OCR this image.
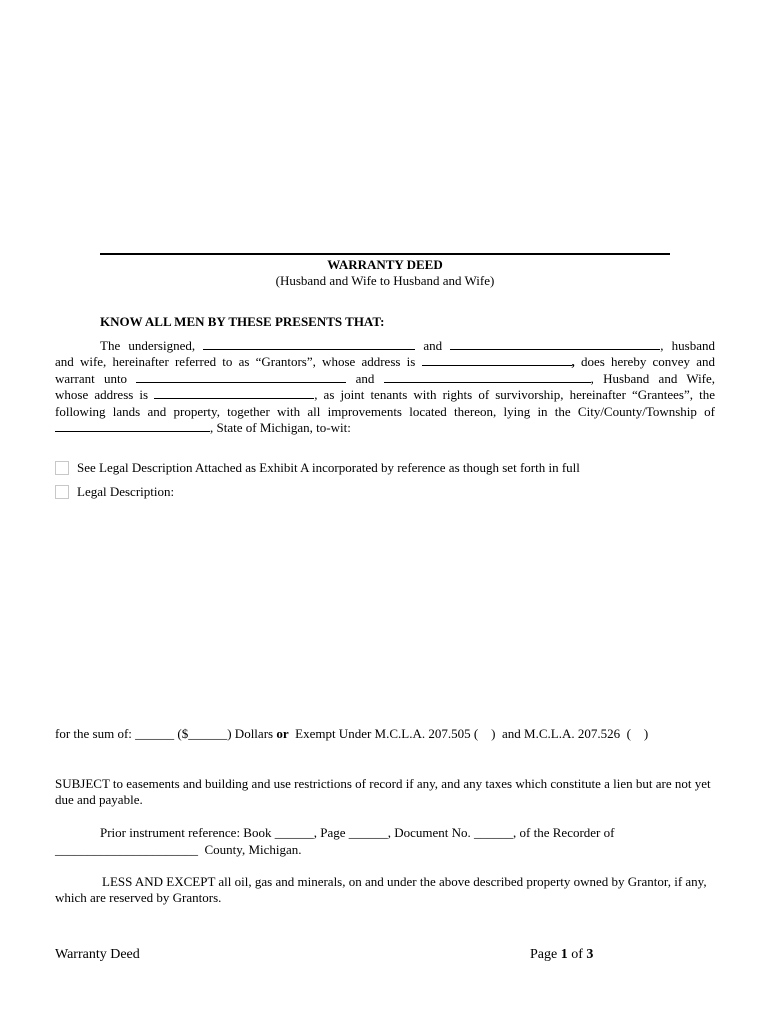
WARRANTY DEED
(Husband and Wife to Husband and Wife)
KNOW ALL MEN BY THESE PRESENTS THAT:
The undersigned,	and	, husband
and wife, hereinafter referred to as “Grantors”, whose address is	, does hereby convey and
warrant unto	and	, Husband and Wife,
whose address is	, as joint tenants with rights of survivorship, hereinafter “Grantees”, the
following lands and property, together with all improvements located thereon, lying in the City/County/Township of
, State of Michigan, to-wit:
See Legal Description Attached as Exhibit A incorporated by reference as though set forth in full
Legal Description:
for the sum of: ______ ($______) Dollars or Exempt Under M.C.L.A. 207.505 (    )  and M.C.L.A. 207.526  (    )
SUBJECT to easements and building and use restrictions of record if any, and any taxes which constitute a lien but are not yet due and payable.
Prior instrument reference: Book ______, Page ______, Document No. ______, of the Recorder of
______________________  County, Michigan.
LESS AND EXCEPT all oil, gas and minerals, on and under the above described property owned by Grantor, if any, which are reserved by Grantors.
Warranty Deed	Page 1 of 3
